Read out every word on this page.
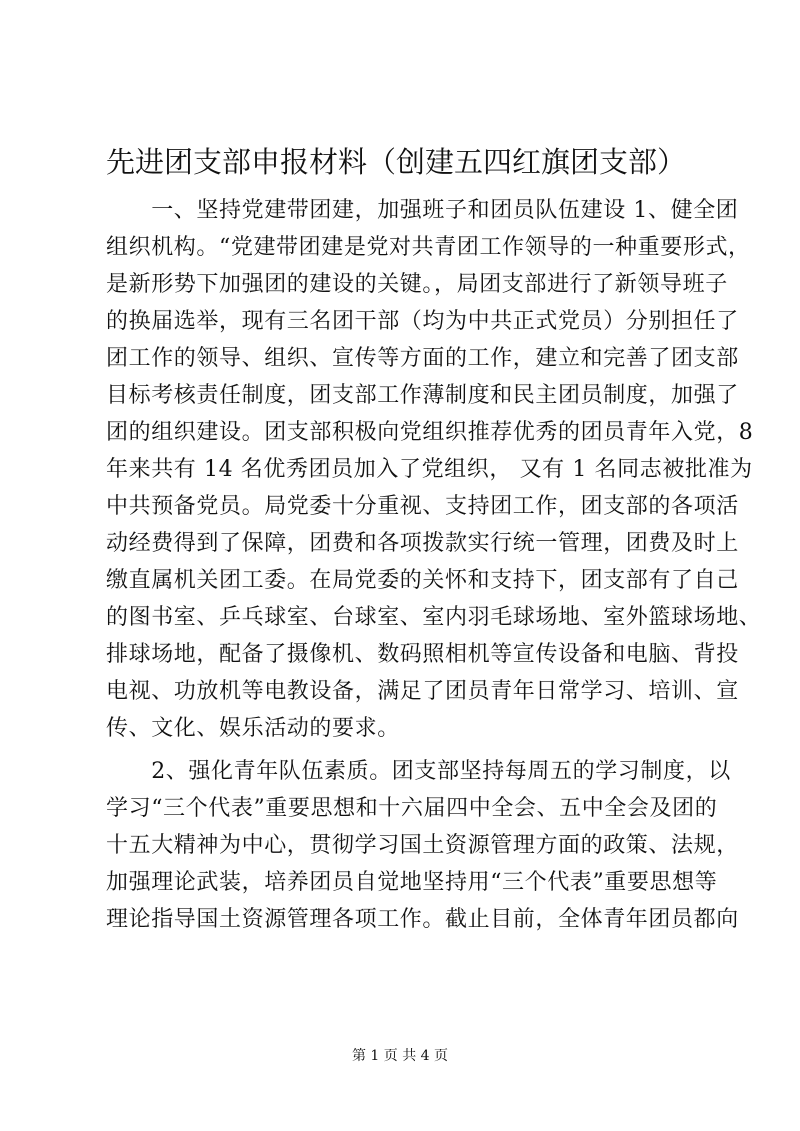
先进团支部申报材料（创建五四红旗团支部）
　　一、坚持党建带团建，加强班子和团员队伍建设 1、健全团
组织机构。“党建带团建是党对共青团工作领导的一种重要形式，
是新形势下加强团的建设的关键。，局团支部进行了新领导班子
的换届选举，现有三名团干部（均为中共正式党员）分别担任了
团工作的领导、组织、宣传等方面的工作，建立和完善了团支部
目标考核责任制度，团支部工作薄制度和民主团员制度，加强了
团的组织建设。团支部积极向党组织推荐优秀的团员青年入党，8
年来共有 14 名优秀团员加入了党组织， 又有 1 名同志被批准为
中共预备党员。局党委十分重视、支持团工作，团支部的各项活
动经费得到了保障，团费和各项拨款实行统一管理，团费及时上
缴直属机关团工委。在局党委的关怀和支持下，团支部有了自己
的图书室、乒乓球室、台球室、室内羽毛球场地、室外篮球场地、
排球场地，配备了摄像机、数码照相机等宣传设备和电脑、背投
电视、功放机等电教设备，满足了团员青年日常学习、培训、宣
传、文化、娱乐活动的要求。
　　2、强化青年队伍素质。团支部坚持每周五的学习制度，以
学习“三个代表”重要思想和十六届四中全会、五中全会及团的
十五大精神为中心，贯彻学习国土资源管理方面的政策、法规，
加强理论武装，培养团员自觉地坚持用“三个代表”重要思想等
理论指导国土资源管理各项工作。截止目前，全体青年团员都向
第 1 页 共 4 页
